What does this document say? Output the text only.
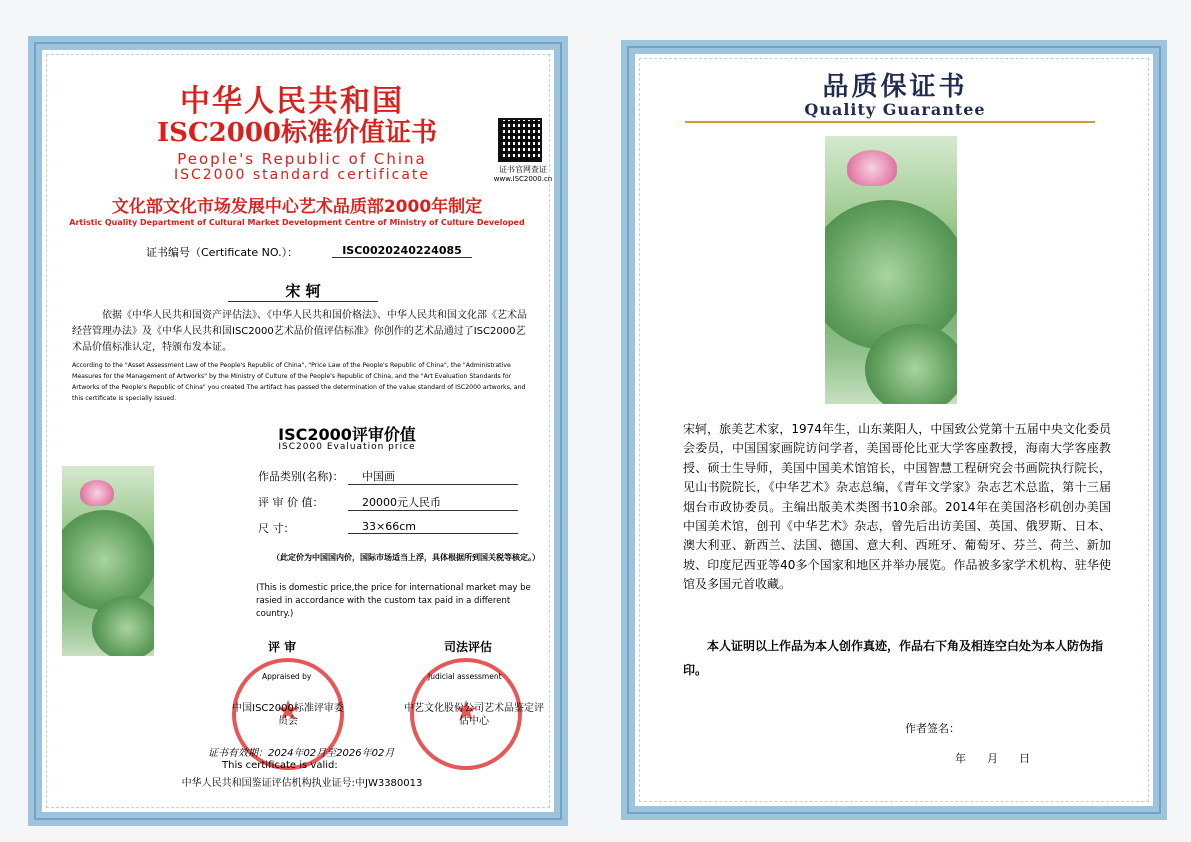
中华人民共和国
ISC2000标准价值证书
People's Republic of China
ISC2000 standard certificate	证书官网查证
www.ISC2000.cn
文化部文化市场发展中心艺术品质部2000年制定
Artistic Quality Department of Cultural Market Development Centre of Ministry of Culture Developed
证书编号（Certificate NO.）：	ISC0020240224085
宋 轲
依据《中华人民共和国资产评估法》、《中华人民共和国价格法》、中华人民共和国文化部《艺术品经营管理办法》及《中华人民共和国ISC2000艺术品价值评估标准》你创作的艺术品通过了ISC2000艺术品价值标准认定，特颁布发本证。
According to the "Asset Assessment Law of the People's Republic of China", "Price Law of the People's Republic of China", the "Administrative Measures for the Management of Artworks" by the Ministry of Culture of the People's Republic of China, and the "Art Evaluation Standards for Artworks of the People's Republic of China" you created The artifact has passed the determination of the value standard of ISC2000 artworks, and this certificate is specially issued.
ISC2000评审价值
ISC2000 Evaluation price
作品类别(名称)：	中国画
评 审 价 值：	20000元人民币
尺 寸：	33×66cm
（此定价为中国国内价，国际市场适当上浮，具体根据所到国关税等核定。）
(This is domestic price,the price for international market may be rasied in accordance with the custom tax paid in a different country.)
评 审	司法评估
★
★
Appraised by	Judicial assessment
中国ISC2000标准评审委员会
中艺文化股份公司艺术品鉴定评估中心
证书有效期：2024年02月至2026年02月
This certificate is valid:
中华人民共和国鉴证评估机构执业证号:中JW3380013
品质保证书
Quality Guarantee
宋轲，旅美艺术家，1974年生，山东莱阳人，中国致公党第十五届中央文化委员会委员，中国国家画院访问学者，美国哥伦比亚大学客座教授，海南大学客座教授、硕士生导师，美国中国美术馆馆长，中国智慧工程研究会书画院执行院长，见山书院院长，《中华艺术》杂志总编，《青年文学家》杂志艺术总监，第十三届烟台市政协委员。主编出版美术类图书10余部。2014年在美国洛杉矶创办美国中国美术馆，创刊《中华艺术》杂志，曾先后出访美国、英国、俄罗斯、日本、澳大利亚、新西兰、法国、德国、意大利、西班牙、葡萄牙、芬兰、荷兰、新加坡、印度尼西亚等40多个国家和地区并举办展览。作品被多家学术机构、驻华使馆及多国元首收藏。
本人证明以上作品为本人创作真迹，作品右下角及相连空白处为本人防伪指印。
作者签名：
年      月      日
